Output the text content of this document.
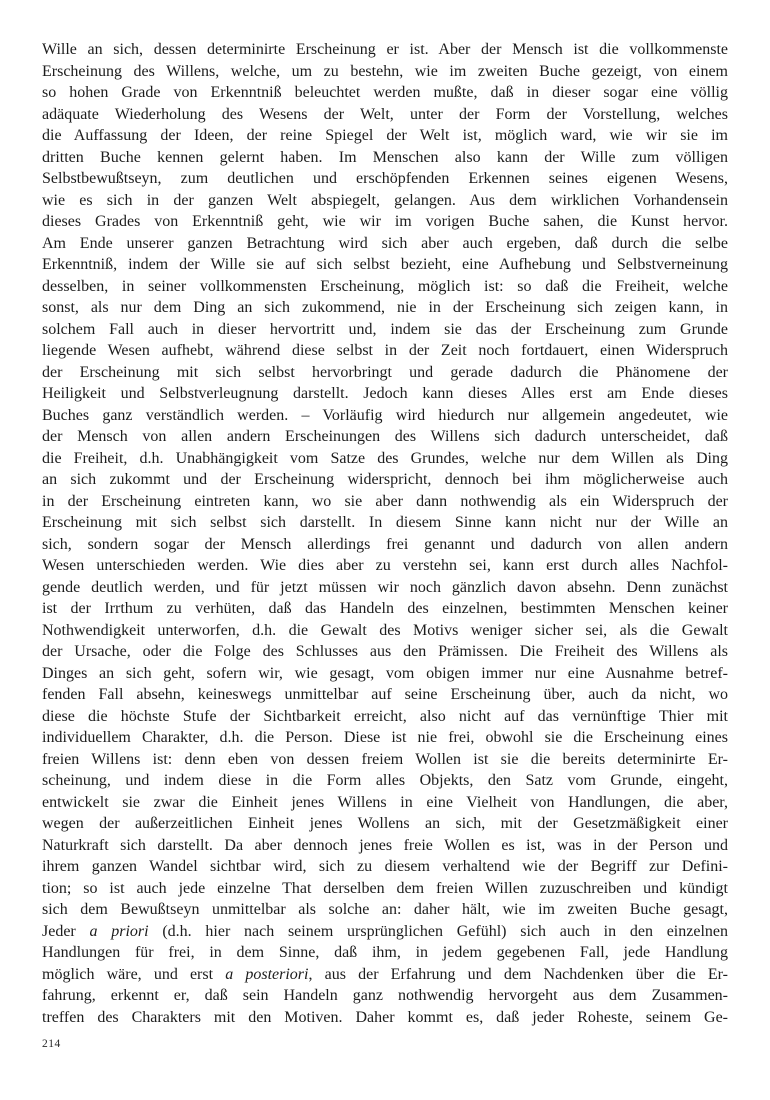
Wille an sich, dessen determinirte Erscheinung er ist. Aber der Mensch ist die vollkommenste
Erscheinung des Willens, welche, um zu bestehn, wie im zweiten Buche gezeigt, von einem
so hohen Grade von Erkenntniß beleuchtet werden mußte, daß in dieser sogar eine völlig
adäquate Wiederholung des Wesens der Welt, unter der Form der Vorstellung, welches
die Auffassung der Ideen, der reine Spiegel der Welt ist, möglich ward, wie wir sie im
dritten Buche kennen gelernt haben. Im Menschen also kann der Wille zum völligen
Selbstbewußtseyn, zum deutlichen und erschöpfenden Erkennen seines eigenen Wesens,
wie es sich in der ganzen Welt abspiegelt, gelangen. Aus dem wirklichen Vorhandensein
dieses Grades von Erkenntniß geht, wie wir im vorigen Buche sahen, die Kunst hervor.
Am Ende unserer ganzen Betrachtung wird sich aber auch ergeben, daß durch die selbe
Erkenntniß, indem der Wille sie auf sich selbst bezieht, eine Aufhebung und Selbstverneinung
desselben, in seiner vollkommensten Erscheinung, möglich ist: so daß die Freiheit, welche
sonst, als nur dem Ding an sich zukommend, nie in der Erscheinung sich zeigen kann, in
solchem Fall auch in dieser hervortritt und, indem sie das der Erscheinung zum Grunde
liegende Wesen aufhebt, während diese selbst in der Zeit noch fortdauert, einen Widerspruch
der Erscheinung mit sich selbst hervorbringt und gerade dadurch die Phänomene der
Heiligkeit und Selbstverleugnung darstellt. Jedoch kann dieses Alles erst am Ende dieses
Buches ganz verständlich werden. – Vorläufig wird hiedurch nur allgemein angedeutet, wie
der Mensch von allen andern Erscheinungen des Willens sich dadurch unterscheidet, daß
die Freiheit, d.h. Unabhängigkeit vom Satze des Grundes, welche nur dem Willen als Ding
an sich zukommt und der Erscheinung widerspricht, dennoch bei ihm möglicherweise auch
in der Erscheinung eintreten kann, wo sie aber dann nothwendig als ein Widerspruch der
Erscheinung mit sich selbst sich darstellt. In diesem Sinne kann nicht nur der Wille an
sich, sondern sogar der Mensch allerdings frei genannt und dadurch von allen andern
Wesen unterschieden werden. Wie dies aber zu verstehn sei, kann erst durch alles Nachfol-
gende deutlich werden, und für jetzt müssen wir noch gänzlich davon absehn. Denn zunächst
ist der Irrthum zu verhüten, daß das Handeln des einzelnen, bestimmten Menschen keiner
Nothwendigkeit unterworfen, d.h. die Gewalt des Motivs weniger sicher sei, als die Gewalt
der Ursache, oder die Folge des Schlusses aus den Prämissen. Die Freiheit des Willens als
Dinges an sich geht, sofern wir, wie gesagt, vom obigen immer nur eine Ausnahme betref-
fenden Fall absehn, keineswegs unmittelbar auf seine Erscheinung über, auch da nicht, wo
diese die höchste Stufe der Sichtbarkeit erreicht, also nicht auf das vernünftige Thier mit
individuellem Charakter, d.h. die Person. Diese ist nie frei, obwohl sie die Erscheinung eines
freien Willens ist: denn eben von dessen freiem Wollen ist sie die bereits determinirte Er-
scheinung, und indem diese in die Form alles Objekts, den Satz vom Grunde, eingeht,
entwickelt sie zwar die Einheit jenes Willens in eine Vielheit von Handlungen, die aber,
wegen der außerzeitlichen Einheit jenes Wollens an sich, mit der Gesetzmäßigkeit einer
Naturkraft sich darstellt. Da aber dennoch jenes freie Wollen es ist, was in der Person und
ihrem ganzen Wandel sichtbar wird, sich zu diesem verhaltend wie der Begriff zur Defini-
tion; so ist auch jede einzelne That derselben dem freien Willen zuzuschreiben und kündigt
sich dem Bewußtseyn unmittelbar als solche an: daher hält, wie im zweiten Buche gesagt,
Jeder a priori (d.h. hier nach seinem ursprünglichen Gefühl) sich auch in den einzelnen
Handlungen für frei, in dem Sinne, daß ihm, in jedem gegebenen Fall, jede Handlung
möglich wäre, und erst a posteriori, aus der Erfahrung und dem Nachdenken über die Er-
fahrung, erkennt er, daß sein Handeln ganz nothwendig hervorgeht aus dem Zusammen-
treffen des Charakters mit den Motiven. Daher kommt es, daß jeder Roheste, seinem Ge-
214
